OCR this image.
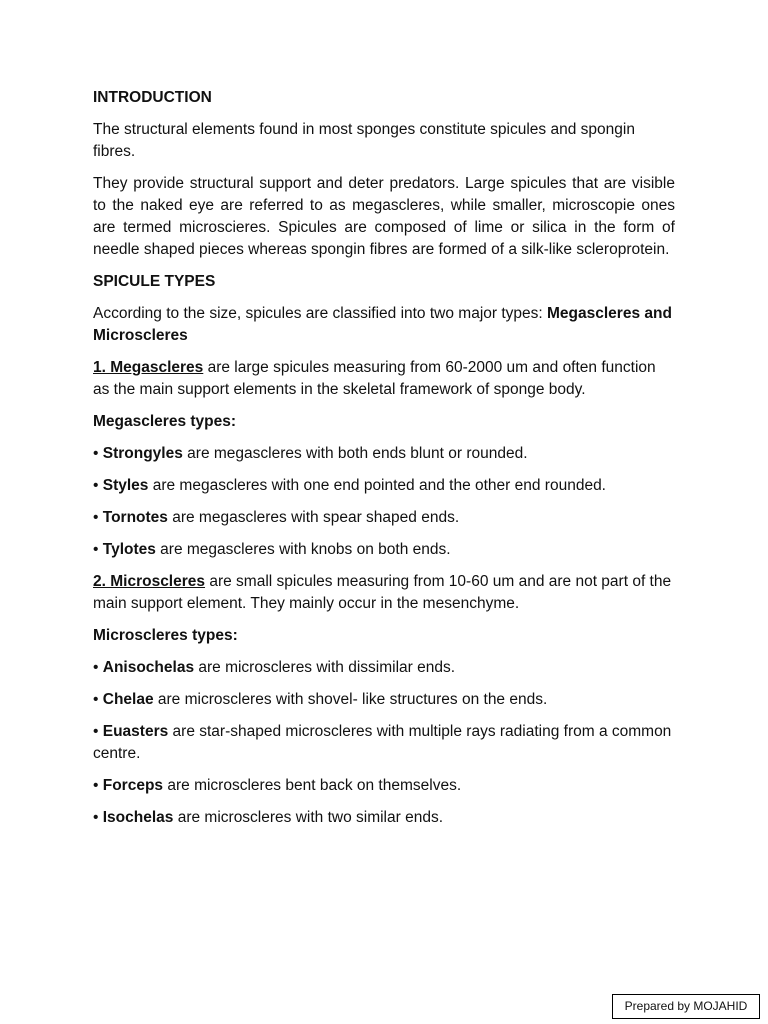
INTRODUCTION

The structural elements found in most sponges constitute spicules and spongin fibres.

They provide structural support and deter predators. Large spicules that are visible to the naked eye are referred to as megascleres, while smaller, microscopie ones are termed microscieres. Spicules are composed of lime or silica in the form of needle shaped pieces whereas spongin fibres are formed of a silk-like scleroprotein.

SPICULE TYPES

According to the size, spicules are classified into two major types: Megascleres and Microscleres

1. Megascleres are large spicules measuring from 60-2000 um and often function as the main support elements in the skeletal framework of sponge body.

Megascleres types:
• Strongyles are megascleres with both ends blunt or rounded.
• Styles are megascleres with one end pointed and the other end rounded.
• Tornotes are megascleres with spear shaped ends.
• Tylotes are megascleres with knobs on both ends.

2. Microscleres are small spicules measuring from 10-60 um and are not part of the main support element. They mainly occur in the mesenchyme.

Microscleres types:
• Anisochelas are microscleres with dissimilar ends.
• Chelae are microscleres with shovel- like structures on the ends.
• Euasters are star-shaped microscleres with multiple rays radiating from a common centre.
• Forceps are microscleres bent back on themselves.
• Isochelas are microscleres with two similar ends.
Prepared by MOJAHID
